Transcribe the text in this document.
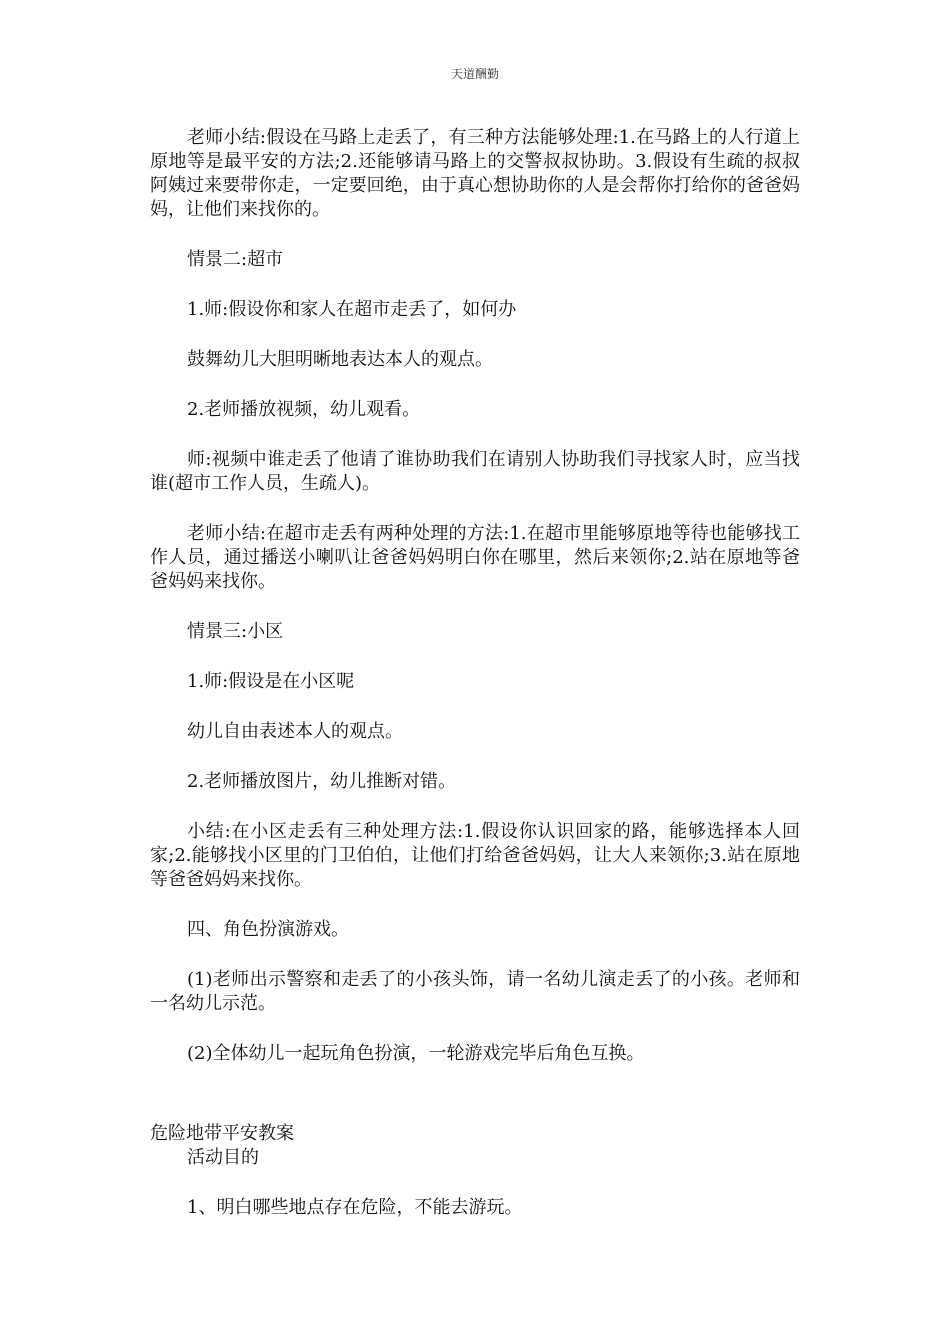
天道酬勤

老师小结:假设在马路上走丢了，有三种方法能够处理:1.在马路上的人行道上原地等是最平安的方法;2.还能够请马路上的交警叔叔协助。3.假设有生疏的叔叔阿姨过来要带你走，一定要回绝，由于真心想协助你的人是会帮你打给你的爸爸妈妈，让他们来找你的。

情景二:超市

1.师:假设你和家人在超市走丢了，如何办

鼓舞幼儿大胆明晰地表达本人的观点。

2.老师播放视频，幼儿观看。

师:视频中谁走丢了他请了谁协助我们在请别人协助我们寻找家人时，应当找谁(超市工作人员，生疏人)。

老师小结:在超市走丢有两种处理的方法:1.在超市里能够原地等待也能够找工作人员，通过播送小喇叭让爸爸妈妈明白你在哪里，然后来领你;2.站在原地等爸爸妈妈来找你。

情景三:小区

1.师:假设是在小区呢

幼儿自由表述本人的观点。

2.老师播放图片，幼儿推断对错。

小结:在小区走丢有三种处理方法:1.假设你认识回家的路，能够选择本人回家;2.能够找小区里的门卫伯伯，让他们打给爸爸妈妈，让大人来领你;3.站在原地等爸爸妈妈来找你。

四、角色扮演游戏。

(1)老师出示警察和走丢了的小孩头饰，请一名幼儿演走丢了的小孩。老师和一名幼儿示范。

(2)全体幼儿一起玩角色扮演，一轮游戏完毕后角色互换。

危险地带平安教案

活动目的

1、明白哪些地点存在危险，不能去游玩。
